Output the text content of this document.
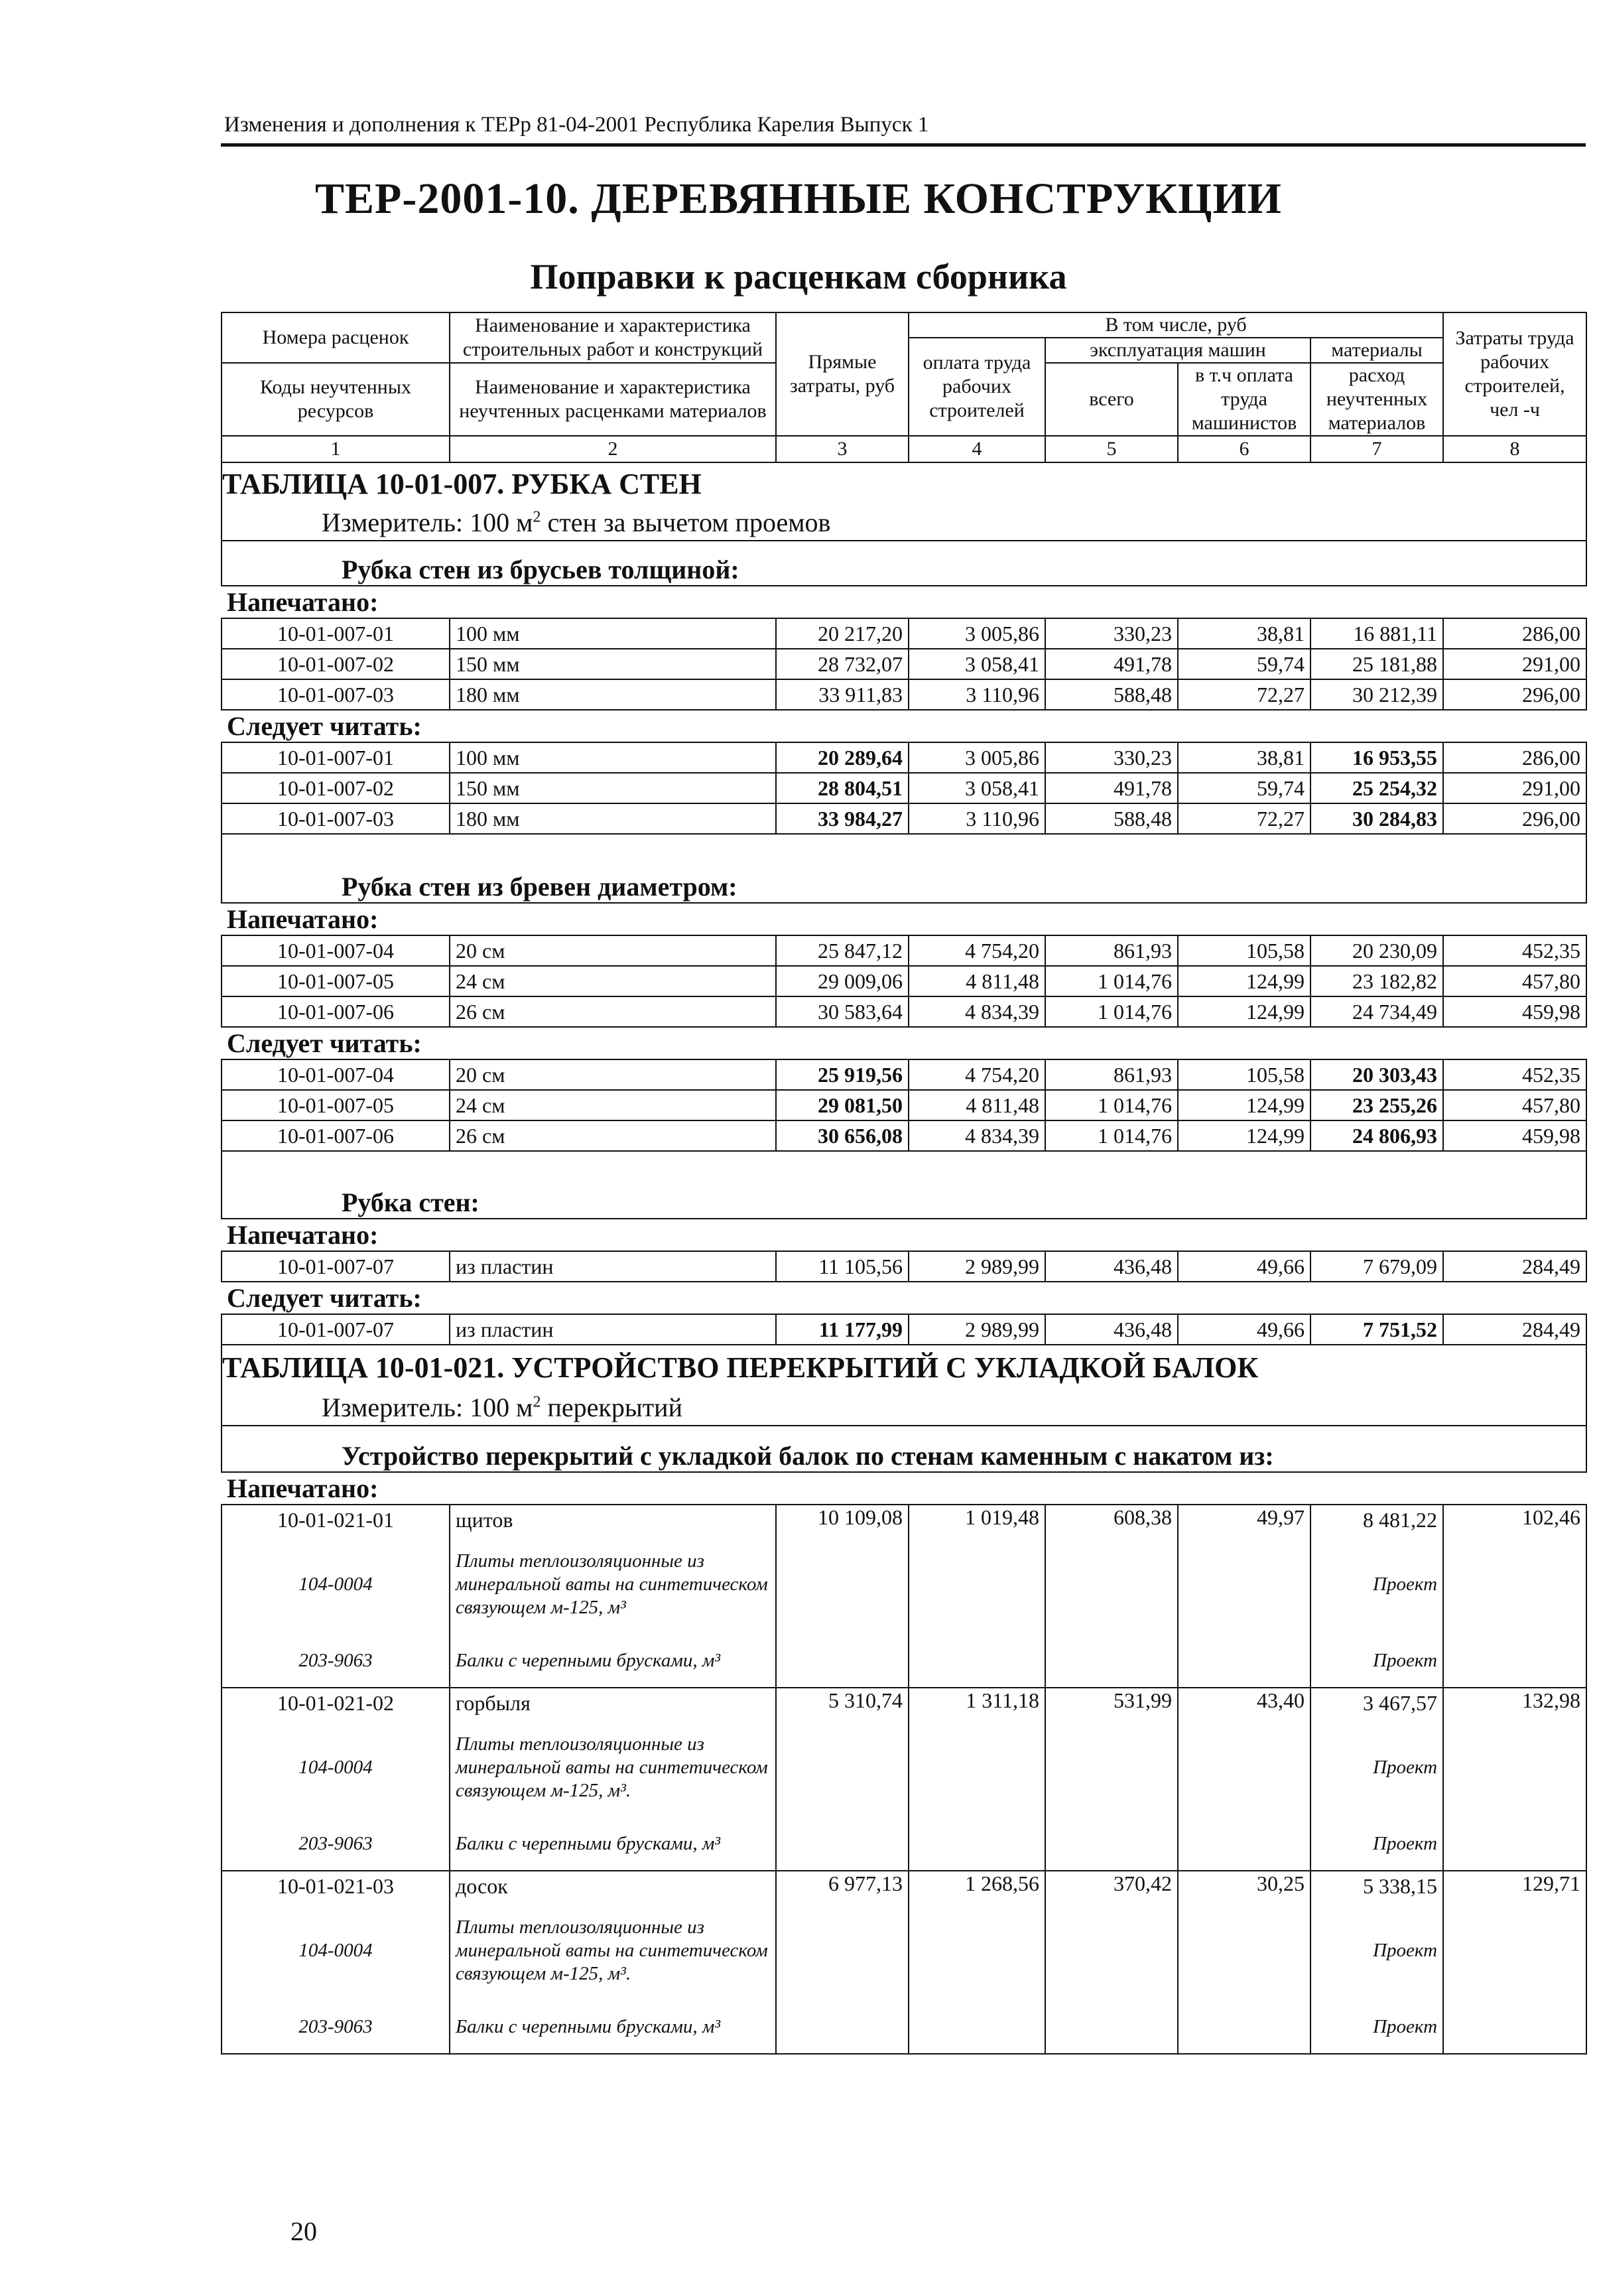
Изменения и дополнения к ТЕРр 81-04-2001 Республика Карелия Выпуск 1
ТЕР-2001-10. ДЕРЕВЯННЫЕ КОНСТРУКЦИИ
Поправки к расценкам сборника
Номера расценок	Наименование и характеристика строительных работ и конструкций	Прямые затраты, руб	В том числе, руб				Затраты труда рабочих строителей, чел -ч
			оплата труда рабочих строителей	эксплуатация машин		материалы	

Коды неучтенных ресурсов	Наименование и характеристика неучтенных расценками материалов			всего	в т.ч оплата труда машинистов	расход неучтенных материалов	

1	2	3	4	5	6	7	8
ТАБЛИЦА 10-01-007. РУБКА СТЕН							
Измеритель: 100 $м^2$ стен за вычетом проемов							
Рубка стен из брусьев толщиной:							
Напечатано:							
10-01-007-01	100 мм	20 217,20	3 005,86	330,23	38,81	16 881,11	286,00
10-01-007-02	150 мм	28 732,07	3 058,41	491,78	59,74	25 181,88	291,00
10-01-007-03	180 мм	33 911,83	3 110,96	588,48	72,27	30 212,39	296,00
Следует читать:							
10-01-007-01	100 мм	20 289,64	3 005,86	330,23	38,81	16 953,55	286,00
10-01-007-02	150 мм	28 804,51	3 058,41	491,78	59,74	25 254,32	291,00
10-01-007-03	180 мм	33 984,27	3 110,96	588,48	72,27	30 284,83	296,00
Рубка стен из бревен диаметром:							
Напечатано:							
10-01-007-04	20 см	25 847,12	4 754,20	861,93	105,58	20 230,09	452,35
10-01-007-05	24 см	29 009,06	4 811,48	1 014,76	124,99	23 182,82	457,80
10-01-007-06	26 см	30 583,64	4 834,39	1 014,76	124,99	24 734,49	459,98
Следует читать:							
10-01-007-04	20 см	25 919,56	4 754,20	861,93	105,58	20 303,43	452,35
10-01-007-05	24 см	29 081,50	4 811,48	1 014,76	124,99	23 255,26	457,80
10-01-007-06	26 см	30 656,08	4 834,39	1 014,76	124,99	24 806,93	459,98
Рубка стен:							
Напечатано:							
10-01-007-07	из пластин	11 105,56	2 989,99	436,48	49,66	7 679,09	284,49
Следует читать:							
10-01-007-07	из пластин	11 177,99	2 989,99	436,48	49,66	7 751,52	284,49
ТАБЛИЦА 10-01-021. УСТРОЙСТВО ПЕРЕКРЫТИЙ С УКЛАДКОЙ БАЛОК							
Измеритель: 100 $м^2$ перекрытий							
Устройство перекрытий с укладкой балок по стенам каменным с накатом из:							
Напечатано:							
10-01-021-01	щитов	10 109,08	1 019,48	608,38	49,97	8 481,22	102,46
104-0004	Плиты теплоизоляционные из минеральной ваты на синтетическом связующем м-125, м³					Проект	
203-9063	Балки с черепными брусками, м³					Проект	
10-01-021-02	горбыля	5 310,74	1 311,18	531,99	43,40	3 467,57	132,98
104-0004	Плиты теплоизоляционные из минеральной ваты на синтетическом связующем м-125, м³.					Проект	
203-9063	Балки с черепными брусками, м³					Проект	
10-01-021-03	досок	6 977,13	1 268,56	370,42	30,25	5 338,15	129,71
104-0004	Плиты теплоизоляционные из минеральной ваты на синтетическом связующем м-125, м³.					Проект	
203-9063	Балки с черепными брусками, м³					Проект	
20
